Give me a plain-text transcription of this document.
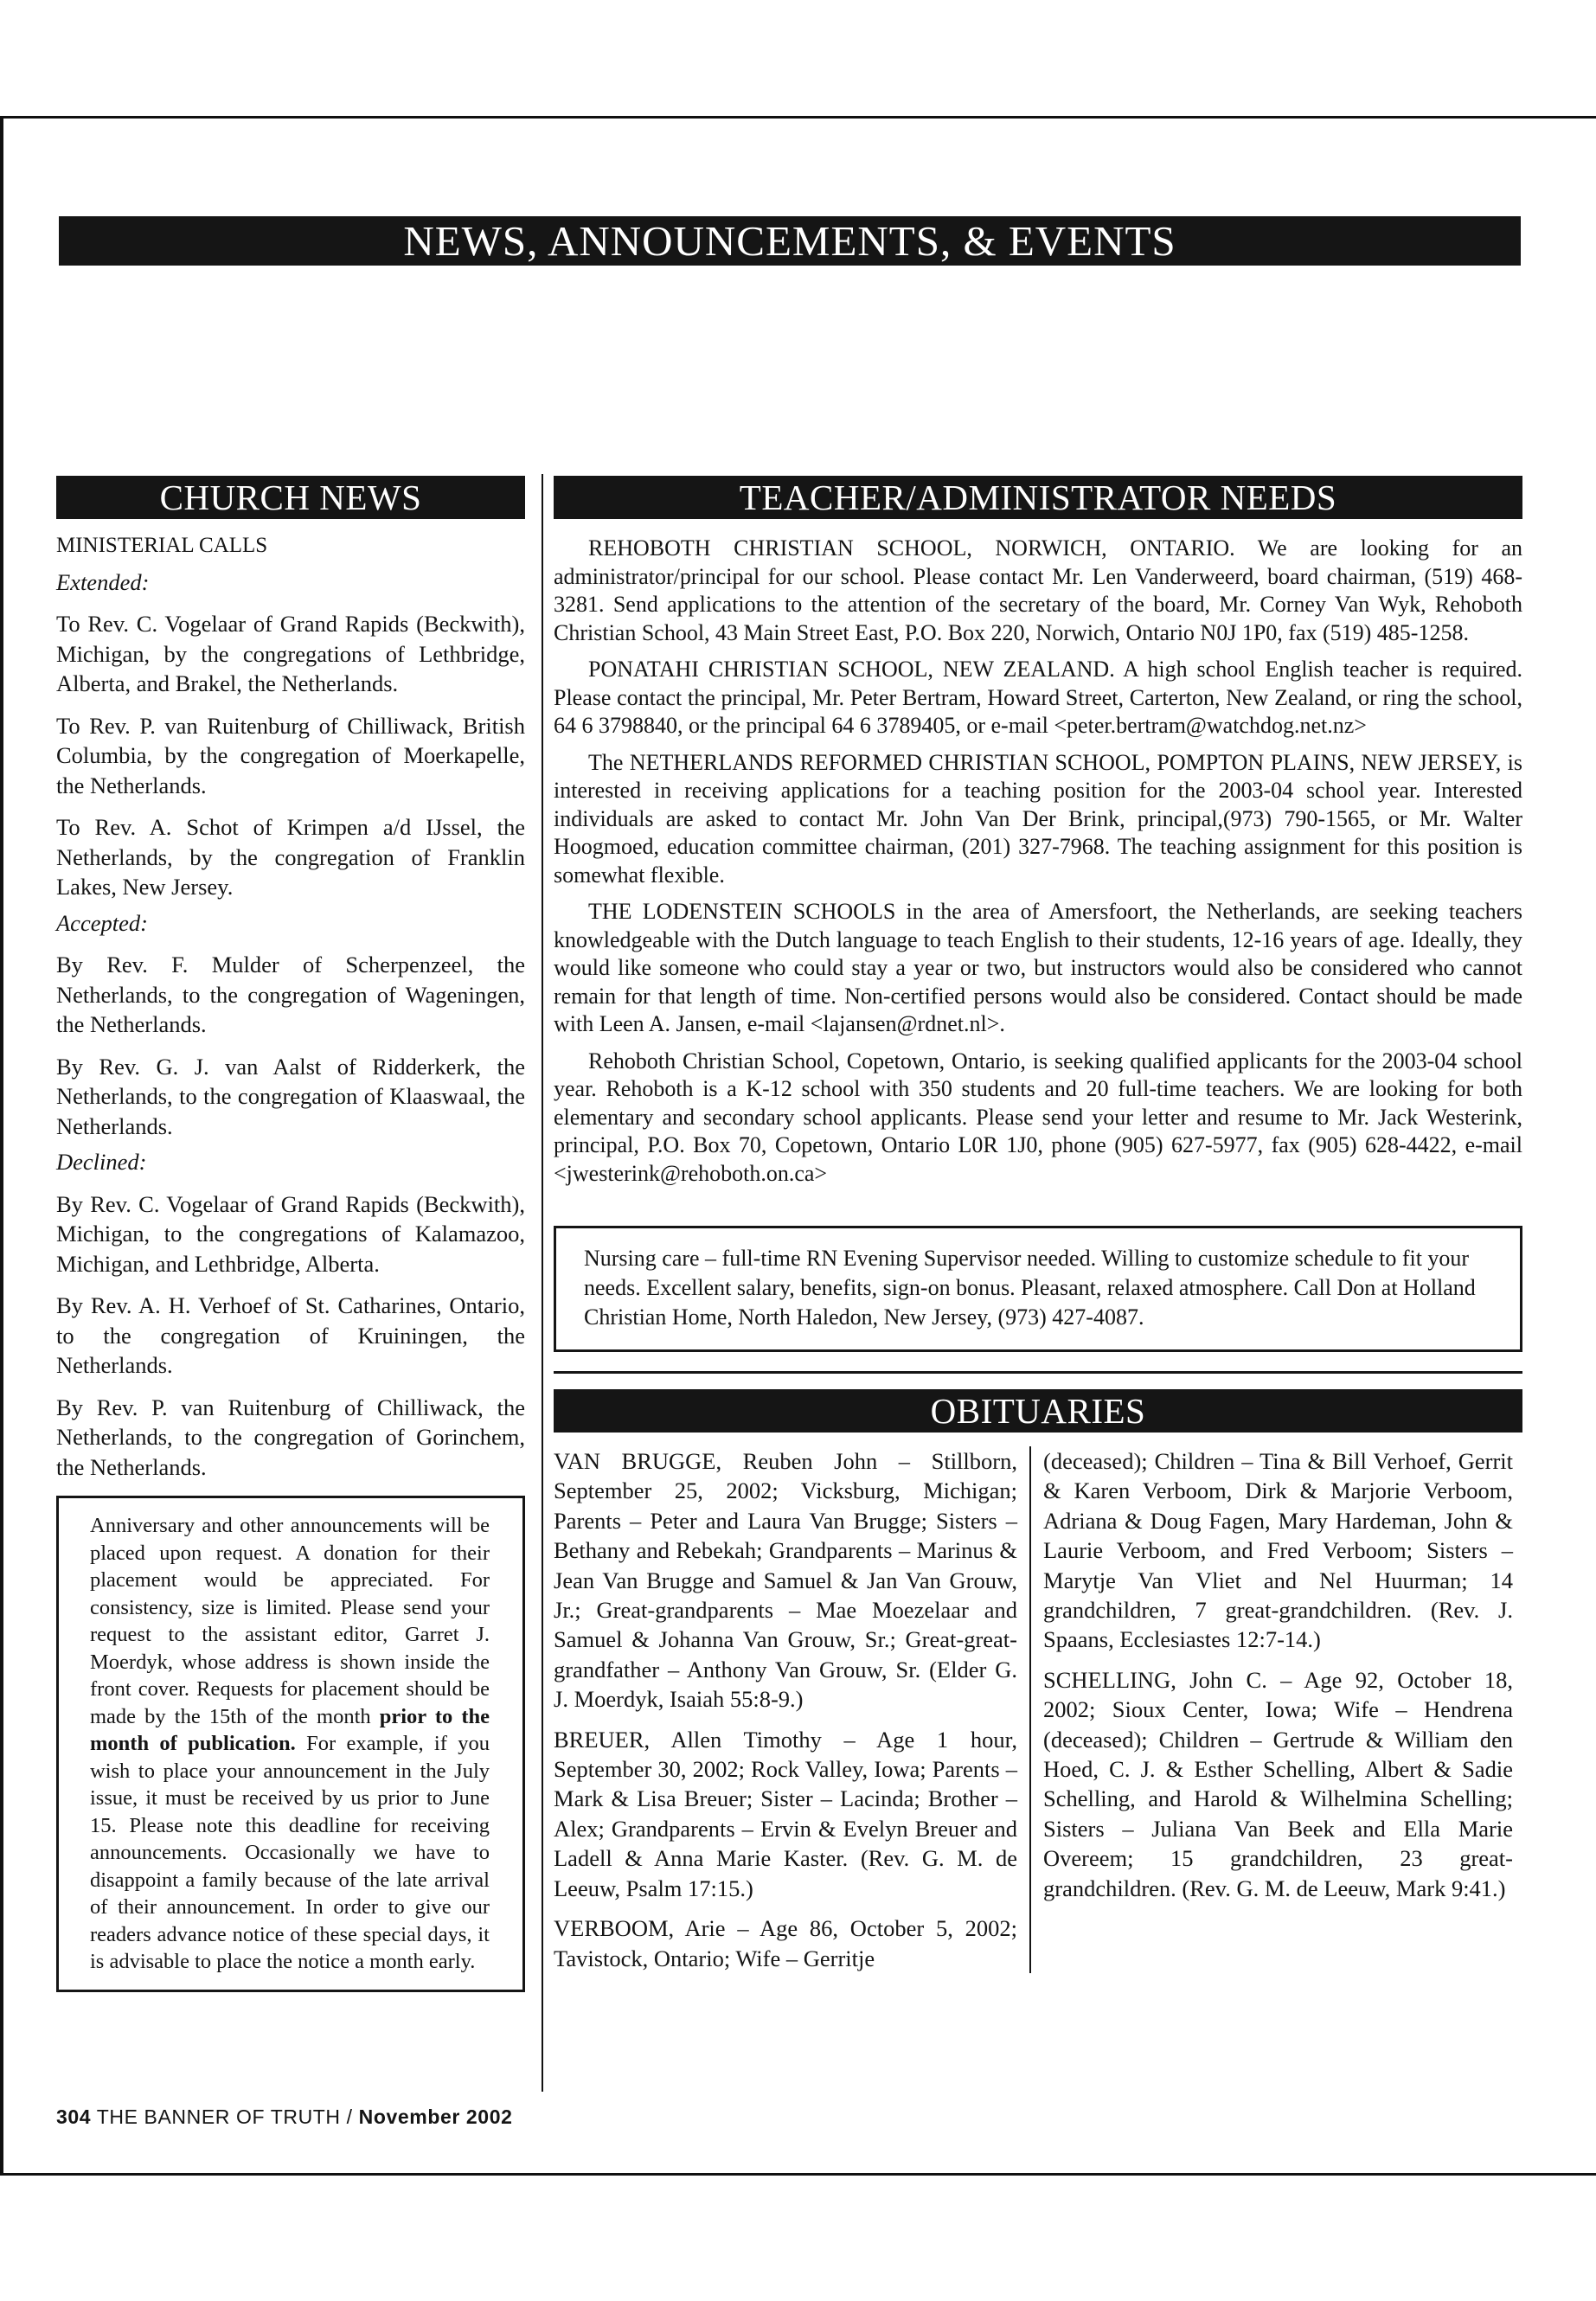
NEWS, ANNOUNCEMENTS, & EVENTS
CHURCH NEWS
MINISTERIAL CALLS
Extended:

To Rev. C. Vogelaar of Grand Rapids (Beckwith), Michigan, by the congregations of Lethbridge, Alberta, and Brakel, the Netherlands.

To Rev. P. van Ruitenburg of Chilliwack, British Columbia, by the congregation of Moerkapelle, the Netherlands.

To Rev. A. Schot of Krimpen a/d IJssel, the Netherlands, by the congregation of Franklin Lakes, New Jersey.

Accepted:

By Rev. F. Mulder of Scherpenzeel, the Netherlands, to the congregation of Wageningen, the Netherlands.

By Rev. G. J. van Aalst of Ridderkerk, the Netherlands, to the congregation of Klaaswaal, the Netherlands.

Declined:

By Rev. C. Vogelaar of Grand Rapids (Beckwith), Michigan, to the congregations of Kalamazoo, Michigan, and Lethbridge, Alberta.

By Rev. A. H. Verhoef of St. Catharines, Ontario, to the congregation of Kruiningen, the Netherlands.

By Rev. P. van Ruitenburg of Chilliwack, the Netherlands, to the congregation of Gorinchem, the Netherlands.

Anniversary and other announcements will be placed upon request. A donation for their placement would be appreciated. For consistency, size is limited. Please send your request to the assistant editor, Garret J. Moerdyk, whose address is shown inside the front cover. Requests for placement should be made by the 15th of the month prior to the month of publication. For example, if you wish to place your announcement in the July issue, it must be received by us prior to June 15. Please note this deadline for receiving announcements. Occasionally we have to disappoint a family because of the late arrival of their announcement. In order to give our readers advance notice of these special days, it is advisable to place the notice a month early.

TEACHER/ADMINISTRATOR NEEDS

REHOBOTH CHRISTIAN SCHOOL, NORWICH, ONTARIO. We are looking for an administrator/principal for our school. Please contact Mr. Len Vanderweerd, board chairman, (519) 468-3281. Send applications to the attention of the secretary of the board, Mr. Corney Van Wyk, Rehoboth Christian School, 43 Main Street East, P.O. Box 220, Norwich, Ontario N0J 1P0, fax (519) 485-1258.

PONATAHI CHRISTIAN SCHOOL, NEW ZEALAND. A high school English teacher is required. Please contact the principal, Mr. Peter Bertram, Howard Street, Carterton, New Zealand, or ring the school, 64 6 3798840, or the principal 64 6 3789405, or e-mail <peter.bertram@watchdog.net.nz>

The NETHERLANDS REFORMED CHRISTIAN SCHOOL, POMPTON PLAINS, NEW JERSEY, is interested in receiving applications for a teaching position for the 2003-04 school year. Interested individuals are asked to contact Mr. John Van Der Brink, principal,(973) 790-1565, or Mr. Walter Hoogmoed, education committee chairman, (201) 327-7968. The teaching assignment for this position is somewhat flexible.

THE LODENSTEIN SCHOOLS in the area of Amersfoort, the Netherlands, are seeking teachers knowledgeable with the Dutch language to teach English to their students, 12-16 years of age. Ideally, they would like someone who could stay a year or two, but instructors would also be considered who cannot remain for that length of time. Non-certified persons would also be considered. Contact should be made with Leen A. Jansen, e-mail <lajansen@rdnet.nl>.

Rehoboth Christian School, Copetown, Ontario, is seeking qualified applicants for the 2003-04 school year. Rehoboth is a K-12 school with 350 students and 20 full-time teachers. We are looking for both elementary and secondary school applicants. Please send your letter and resume to Mr. Jack Westerink, principal, P.O. Box 70, Copetown, Ontario L0R 1J0, phone (905) 627-5977, fax (905) 628-4422, e-mail <jwesterink@rehoboth.on.ca>

Nursing care – full-time RN Evening Supervisor needed. Willing to customize schedule to fit your needs. Excellent salary, benefits, sign-on bonus. Pleasant, relaxed atmosphere. Call Don at Holland Christian Home, North Haledon, New Jersey, (973) 427-4087.

OBITUARIES

VAN BRUGGE, Reuben John – Stillborn, September 25, 2002; Vicksburg, Michigan; Parents – Peter and Laura Van Brugge; Sisters – Bethany and Rebekah; Grandparents – Marinus & Jean Van Brugge and Samuel & Jan Van Grouw, Jr.; Great-grandparents – Mae Moezelaar and Samuel & Johanna Van Grouw, Sr.; Great-great-grandfather – Anthony Van Grouw, Sr. (Elder G. J. Moerdyk, Isaiah 55:8-9.)

BREUER, Allen Timothy – Age 1 hour, September 30, 2002; Rock Valley, Iowa; Parents – Mark & Lisa Breuer; Sister – Lacinda; Brother – Alex; Grandparents – Ervin & Evelyn Breuer and Ladell & Anna Marie Kaster. (Rev. G. M. de Leeuw, Psalm 17:15.)

VERBOOM, Arie – Age 86, October 5, 2002; Tavistock, Ontario; Wife – Gerritje

(deceased); Children – Tina & Bill Verhoef, Gerrit & Karen Verboom, Dirk & Marjorie Verboom, Adriana & Doug Fagen, Mary Hardeman, John & Laurie Verboom, and Fred Verboom; Sisters – Marytje Van Vliet and Nel Huurman; 14 grandchildren, 7 great-grandchildren. (Rev. J. Spaans, Ecclesiastes 12:7-14.)

SCHELLING, John C. – Age 92, October 18, 2002; Sioux Center, Iowa; Wife – Hendrena (deceased); Children – Gertrude & William den Hoed, C. J. & Esther Schelling, Albert & Sadie Schelling, and Harold & Wilhelmina Schelling; Sisters – Juliana Van Beek and Ella Marie Overeem; 15 grandchildren, 23 great-grandchildren. (Rev. G. M. de Leeuw, Mark 9:41.)

304 THE BANNER OF TRUTH / November 2002
